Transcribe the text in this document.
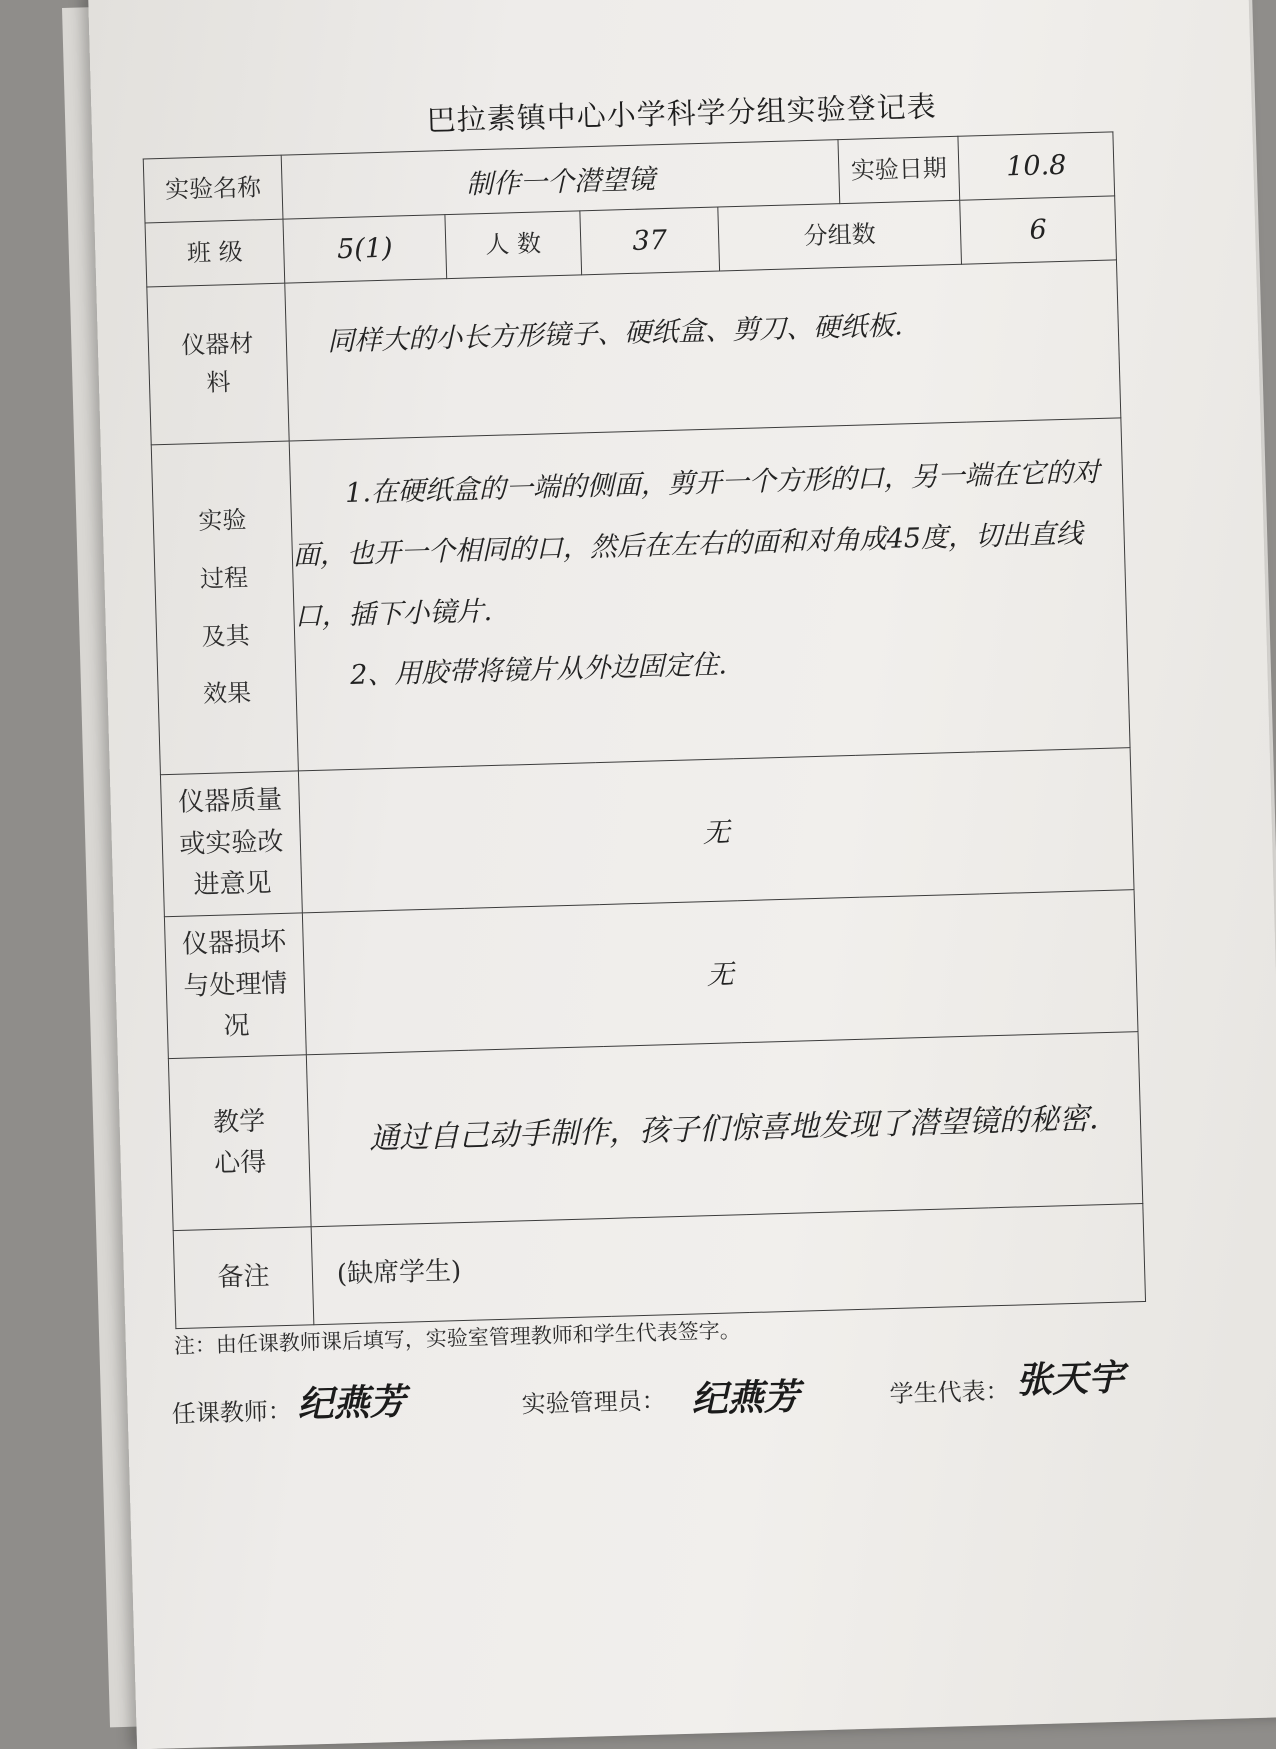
巴拉素镇中心小学科学分组实验登记表
实验名称	制作一个潜望镜				实验日期	10.8
班 级	5(1)	人 数	37	分组数		6

仪器材料	同样大的小长方形镜子、硬纸盒、剪刀、硬纸板.					

实验过程及其效果	1.在硬纸盒的一端的侧面，剪开一个方形的口，另一端在它的对面，也开一个相同的口，然后在左右的面和对角成45度，切出直线口，插下小镜片.
2、用胶带将镜片从外边固定住.					

仪器质量或实验改进意见	无					

仪器损坏与处理情况	无					

教学心得	通过自己动手制作，孩子们惊喜地发现了潜望镜的秘密.					
备注	(缺席学生)					
注：由任课教师课后填写，实验室管理教师和学生代表签字。
任课教师： 纪燕芳	实验管理员： 纪燕芳	学生代表： 张天宇
